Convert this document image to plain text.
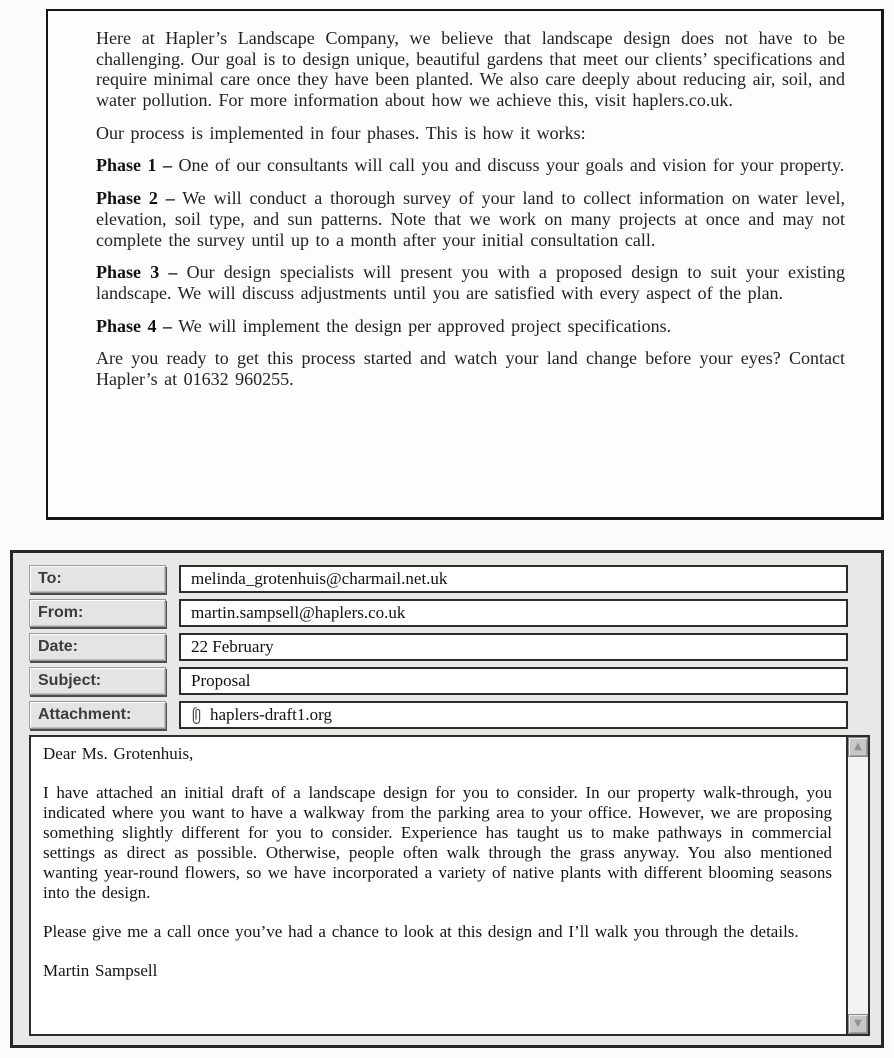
Here at Hapler’s Landscape Company, we believe that landscape design does not have to be challenging. Our goal is to design unique, beautiful gardens that meet our clients’ specifications and require minimal care once they have been planted. We also care deeply about reducing air, soil, and water pollution. For more information about how we achieve this, visit haplers.co.uk.

Our process is implemented in four phases. This is how it works:

Phase 1 – One of our consultants will call you and discuss your goals and vision for your property.

Phase 2 – We will conduct a thorough survey of your land to collect information on water level, elevation, soil type, and sun patterns. Note that we work on many projects at once and may not complete the survey until up to a month after your initial consultation call.

Phase 3 – Our design specialists will present you with a proposed design to suit your existing landscape. We will discuss adjustments until you are satisfied with every aspect of the plan.

Phase 4 – We will implement the design per approved project specifications.

Are you ready to get this process started and watch your land change before your eyes? Contact Hapler’s at 01632 960255.

To:	melinda_grotenhuis@charmail.net.uk
From:	martin.sampsell@haplers.co.uk
Date:	22 February
Subject:	Proposal
Attachment:	haplers-draft1.org

Dear Ms. Grotenhuis,

I have attached an initial draft of a landscape design for you to consider. In our property walk-through, you indicated where you want to have a walkway from the parking area to your office. However, we are proposing something slightly different for you to consider. Experience has taught us to make pathways in commercial settings as direct as possible. Otherwise, people often walk through the grass anyway. You also mentioned wanting year-round flowers, so we have incorporated a variety of native plants with different blooming seasons into the design.

Please give me a call once you’ve had a chance to look at this design and I’ll walk you through the details.

Martin Sampsell

▲
▼
